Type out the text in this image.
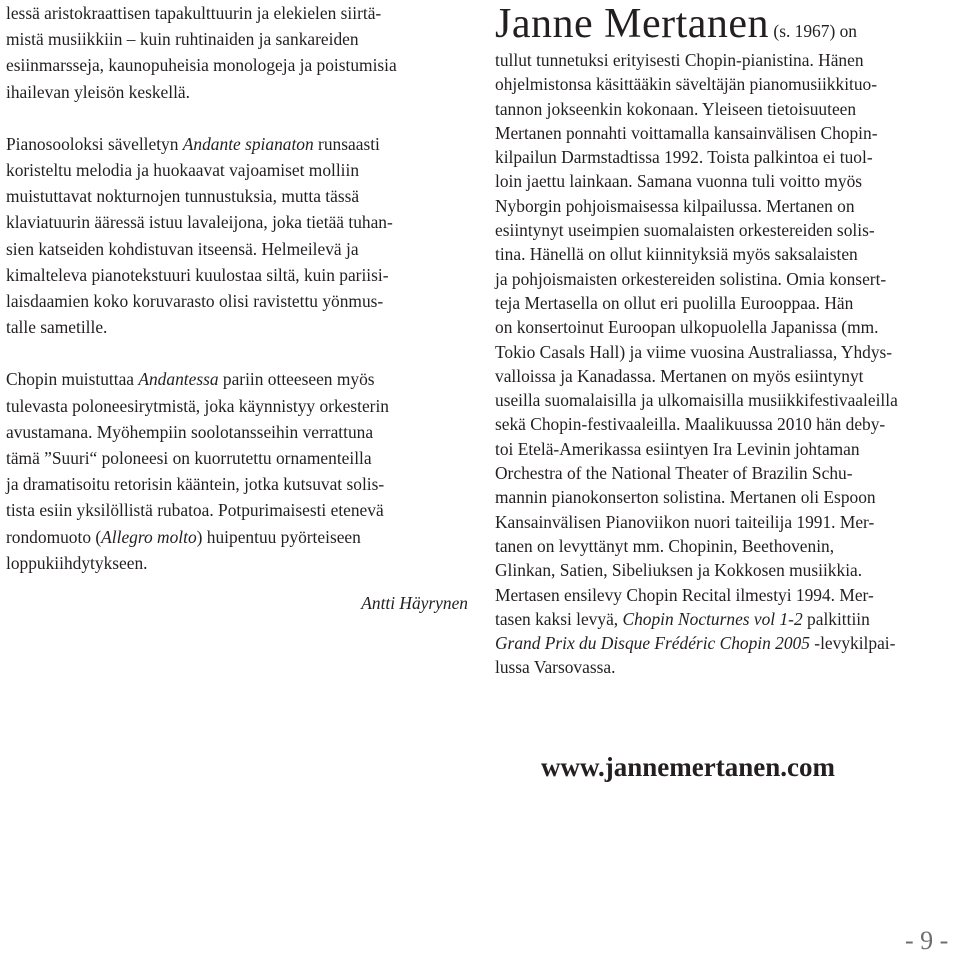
lessä aristokraattisen tapakulttuurin ja elekielen siirtä-
mistä musiikkiin – kuin ruhtinaiden ja sankareiden
esiinmarsseja, kaunopuheisia monologeja ja poistumisia
ihailevan yleisön keskellä.

Pianosooloksi sävelletyn Andante spianaton runsaasti
koristeltu melodia ja huokaavat vajoamiset molliin
muistuttavat nokturnojen tunnustuksia, mutta tässä
klaviatuurin ääressä istuu lavaleijona, joka tietää tuhan-
sien katseiden kohdistuvan itseensä. Helmeilevä ja
kimalteleva pianotekstuuri kuulostaa siltä, kuin pariisi-
laisdaamien koko koruvarasto olisi ravistettu yönmus-
talle sametille.

Chopin muistuttaa Andantessa pariin otteeseen myös
tulevasta poloneesirytmistä, joka käynnistyy orkesterin
avustamana. Myöhempiin soolotansseihin verrattuna
tämä ”Suuri“ poloneesi on kuorrutettu ornamenteilla
ja dramatisoitu retorisin kääntein, jotka kutsuvat solis-
tista esiin yksilöllistä rubatoa. Potpurimaisesti etenevä
rondomuoto (Allegro molto) huipentuu pyörteiseen
loppukiihdytykseen.

Antti Häyrynen
Janne Mertanen (s. 1967) on

tullut tunnetuksi erityisesti Chopin-pianistina. Hänen
ohjelmistonsa käsittääkin säveltäjän pianomusiikkituo-
tannon jokseenkin kokonaan. Yleiseen tietoisuuteen
Mertanen ponnahti voittamalla kansainvälisen Chopin-
kilpailun Darmstadtissa 1992. Toista palkintoa ei tuol-
loin jaettu lainkaan. Samana vuonna tuli voitto myös
Nyborgin pohjoismaisessa kilpailussa. Mertanen on
esiintynyt useimpien suomalaisten orkestereiden solis-
tina. Hänellä on ollut kiinnityksiä myös saksalaisten
ja pohjoismaisten orkestereiden solistina. Omia konsert-
teja Mertasella on ollut eri puolilla Eurooppaa. Hän
on konsertoinut Euroopan ulkopuolella Japanissa (mm.
Tokio Casals Hall) ja viime vuosina Australiassa, Yhdys-
valloissa ja Kanadassa. Mertanen on myös esiintynyt
useilla suomalaisilla ja ulkomaisilla musiikkifestivaaleilla
sekä Chopin-festivaaleilla. Maalikuussa 2010 hän deby-
toi Etelä-Amerikassa esiintyen Ira Levinin johtaman
Orchestra of the National Theater of Brazilin Schu-
mannin pianokonserton solistina. Mertanen oli Espoon
Kansainvälisen Pianoviikon nuori taiteilija 1991. Mer-
tanen on levyttänyt mm. Chopinin, Beethovenin,
Glinkan, Satien, Sibeliuksen ja Kokkosen musiikkia.
Mertasen ensilevy Chopin Recital ilmestyi 1994. Mer-
tasen kaksi levyä, Chopin Nocturnes vol 1-2 palkittiin
Grand Prix du Disque Frédéric Chopin 2005 -levykilpai-
lussa Varsovassa.

www.jannemertanen.com
- 9 -
